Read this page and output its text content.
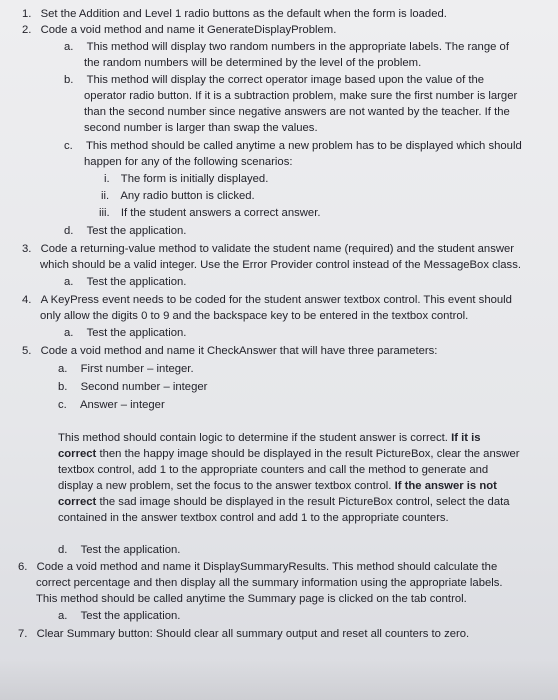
1. Set the Addition and Level 1 radio buttons as the default when the form is loaded.

2. Code a void method and name it GenerateDisplayProblem.

a. This method will display two random numbers in the appropriate labels. The range of

the random numbers will be determined by the level of the problem.

b. This method will display the correct operator image based upon the value of the

operator radio button. If it is a subtraction problem, make sure the first number is larger

than the second number since negative answers are not wanted by the teacher. If the

second number is larger than swap the values.

c. This method should be called anytime a new problem has to be displayed which should

happen for any of the following scenarios:

i. The form is initially displayed.

ii. Any radio button is clicked.

iii. If the student answers a correct answer.

d. Test the application.

3. Code a returning-value method to validate the student name (required) and the student answer

which should be a valid integer. Use the Error Provider control instead of the MessageBox class.

a. Test the application.

4. A KeyPress event needs to be coded for the student answer textbox control. This event should

only allow the digits 0 to 9 and the backspace key to be entered in the textbox control.

a. Test the application.

5. Code a void method and name it CheckAnswer that will have three parameters:

a. First number – integer.

b. Second number – integer

c. Answer – integer

This method should contain logic to determine if the student answer is correct. If it is

correct then the happy image should be displayed in the result PictureBox, clear the answer

textbox control, add 1 to the appropriate counters and call the method to generate and

display a new problem, set the focus to the answer textbox control. If the answer is not

correct the sad image should be displayed in the result PictureBox control, select the data

contained in the answer textbox control and add 1 to the appropriate counters.

d. Test the application.

6. Code a void method and name it DisplaySummaryResults. This method should calculate the

correct percentage and then display all the summary information using the appropriate labels.

This method should be called anytime the Summary page is clicked on the tab control.

a. Test the application.

7. Clear Summary button: Should clear all summary output and reset all counters to zero.
